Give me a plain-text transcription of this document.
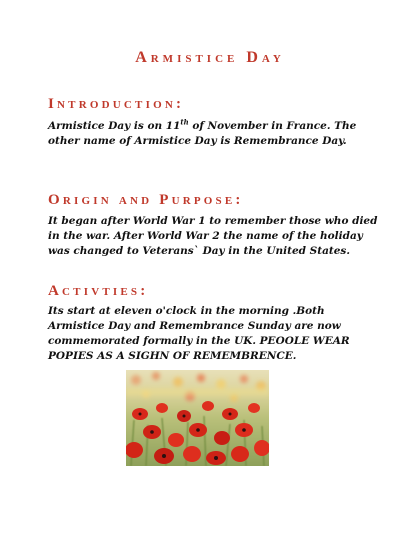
Armistice Day
Introduction:
Armistice Day is on 11th of November in France. The other name of Armistice Day is Remembrance Day.
Origin and Purpose:
It began after World War 1 to remember those who died in the war. After World War 2 the name of the holiday was changed to Veterans` Day in the United States.
Activties:
Its start at eleven o'clock in the morning .Both Armistice Day and Remembrance Sunday are now commemorated formally in the UK. PEOOLE WEAR POPIES AS A SIGHN OF REMEMBRENCE.
